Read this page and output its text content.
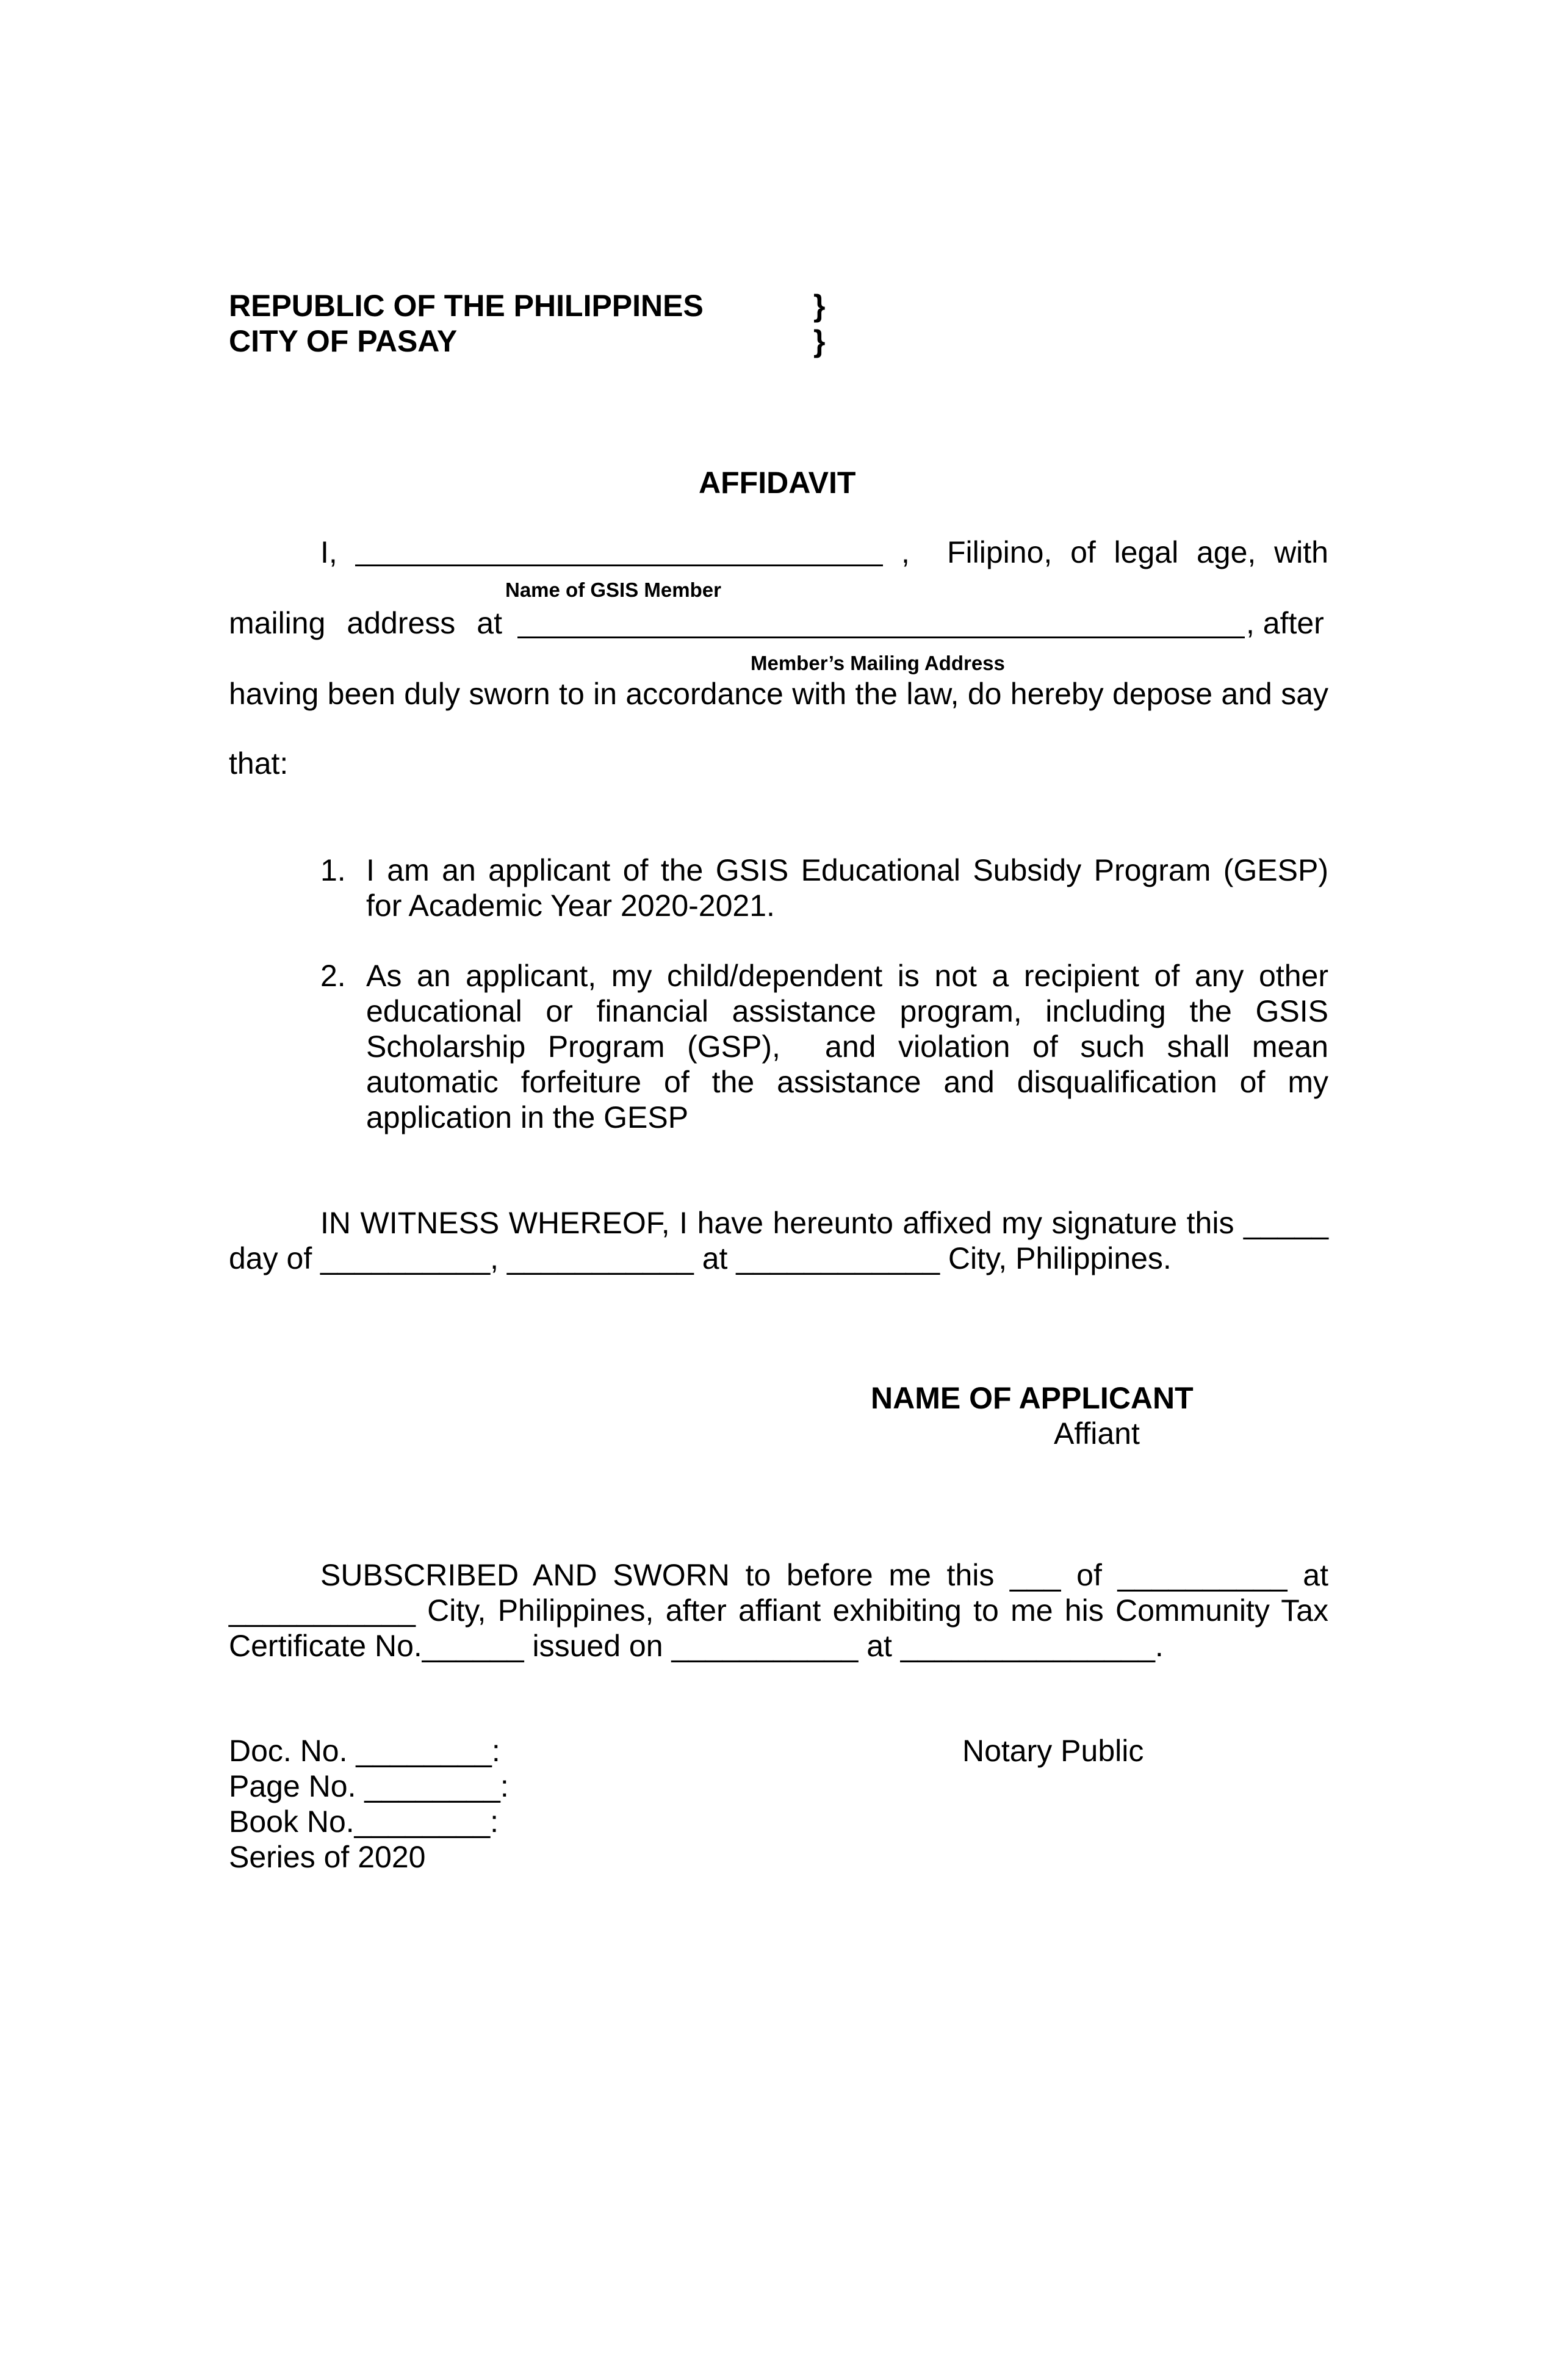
REPUBLIC OF THE PHILIPPINES
CITY OF PASAY
}
}
AFFIDAVIT
I,	, Filipino, of legal age, with
Name of GSIS Member
mailing address at	, after
Member’s Mailing Address
having been duly sworn to in accordance with the law, do hereby depose and say
that:
1. I am an applicant of the GSIS Educational Subsidy Program (GESP)
for Academic Year 2020-2021.
2. As an applicant, my child/dependent is not a recipient of any other
educational or financial assistance program, including the GSIS
Scholarship Program (GSP),  and violation of such shall mean
automatic forfeiture of the assistance and disqualification of my
application in the GESP
IN WITNESS WHEREOF, I have hereunto affixed my signature this _____
day of __________, ___________ at ____________ City, Philippines.
NAME OF APPLICANT
Affiant
SUBSCRIBED AND SWORN to before me this ___ of __________ at
___________ City, Philippines, after affiant exhibiting to me his Community Tax
Certificate No.______ issued on ___________ at _______________.
Doc. No. ________:
Page No. ________:
Book No.________:
Series of 2020
Notary Public
